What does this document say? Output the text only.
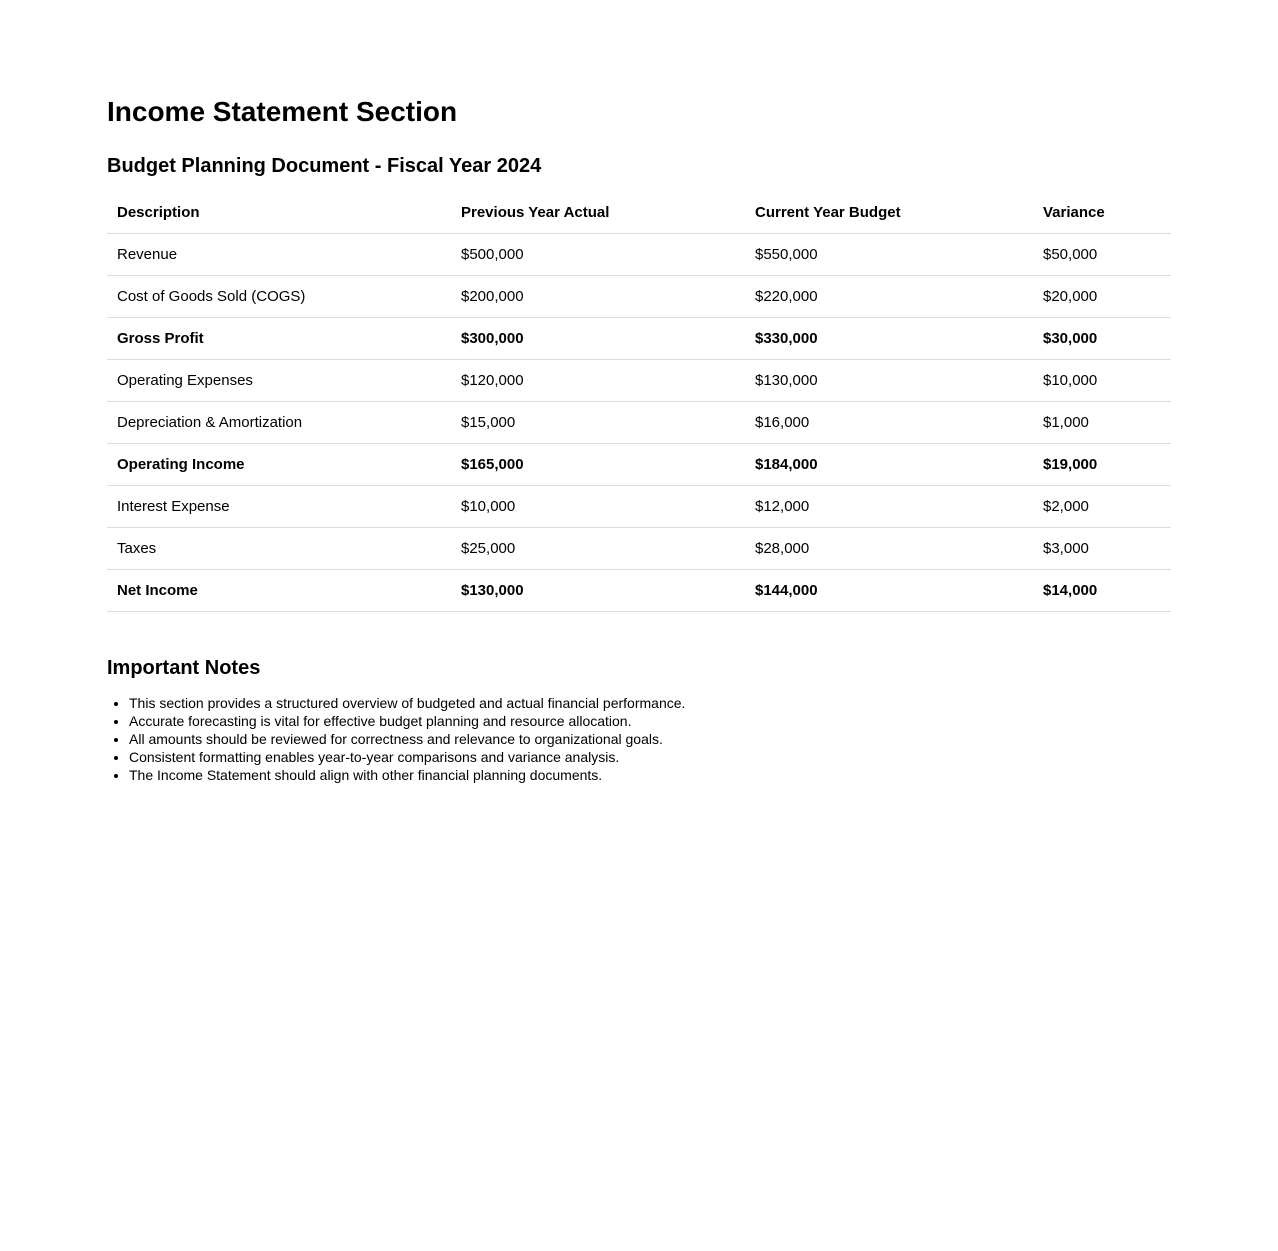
Income Statement Section
Budget Planning Document - Fiscal Year 2024
Description	Previous Year Actual	Current Year Budget	Variance
Revenue	$500,000	$550,000	$50,000
Cost of Goods Sold (COGS)	$200,000	$220,000	$20,000
Gross Profit	$300,000	$330,000	$30,000
Operating Expenses	$120,000	$130,000	$10,000
Depreciation & Amortization	$15,000	$16,000	$1,000
Operating Income	$165,000	$184,000	$19,000
Interest Expense	$10,000	$12,000	$2,000
Taxes	$25,000	$28,000	$3,000
Net Income	$130,000	$144,000	$14,000
Important Notes
• This section provides a structured overview of budgeted and actual financial performance.
• Accurate forecasting is vital for effective budget planning and resource allocation.
• All amounts should be reviewed for correctness and relevance to organizational goals.
• Consistent formatting enables year-to-year comparisons and variance analysis.
• The Income Statement should align with other financial planning documents.
